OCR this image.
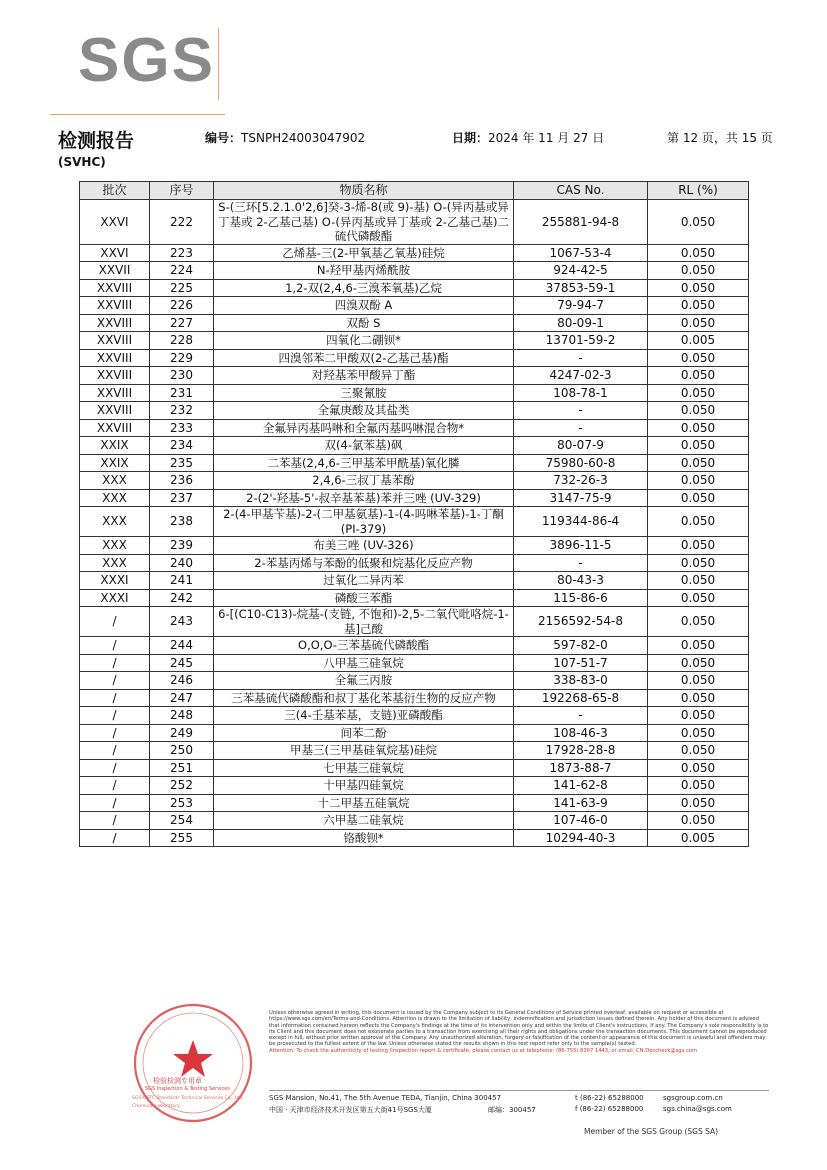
SGS
检测报告	编号：TSNPH24003047902	日期：2024 年 11 月 27 日	第 12 页，共 15 页
(SVHC)
批次	序号	物质名称	CAS No.	RL (%)
XXVI	222	S-(三环[5.2.1.0'2,6]癸-3-烯-8(或 9)-基) O-(异丙基或异丁基或 2-乙基己基) O-(异丙基或异丁基或 2-乙基己基)二硫代磷酸酯	255881-94-8	0.050
XXVI	223	乙烯基-三(2-甲氧基乙氧基)硅烷	1067-53-4	0.050
XXVII	224	N-羟甲基丙烯酰胺	924-42-5	0.050
XXVIII	225	1,2-双(2,4,6-三溴苯氧基)乙烷	37853-59-1	0.050
XXVIII	226	四溴双酚 A	79-94-7	0.050
XXVIII	227	双酚 S	80-09-1	0.050
XXVIII	228	四氧化二硼钡*	13701-59-2	0.005
XXVIII	229	四溴邻苯二甲酸双(2-乙基己基)酯	-	0.050
XXVIII	230	对羟基苯甲酸异丁酯	4247-02-3	0.050
XXVIII	231	三聚氰胺	108-78-1	0.050
XXVIII	232	全氟庚酸及其盐类	-	0.050
XXVIII	233	全氟异丙基吗啉和全氟丙基吗啉混合物*	-	0.050
XXIX	234	双(4-氯苯基)砜	80-07-9	0.050
XXIX	235	二苯基(2,4,6-三甲基苯甲酰基)氧化膦	75980-60-8	0.050
XXX	236	2,4,6-三叔丁基苯酚	732-26-3	0.050
XXX	237	2-(2'-羟基-5'-叔辛基苯基)苯并三唑 (UV-329)	3147-75-9	0.050
XXX	238	2-(4-甲基苄基)-2-(二甲基氨基)-1-(4-吗啉苯基)-1-丁酮 (PI-379)	119344-86-4	0.050
XXX	239	布美三唑 (UV-326)	3896-11-5	0.050
XXX	240	2-苯基丙烯与苯酚的低聚和烷基化反应产物	-	0.050
XXXI	241	过氧化二异丙苯	80-43-3	0.050
XXXI	242	磷酸三苯酯	115-86-6	0.050
/	243	6-[(C10-C13)-烷基-(支链, 不饱和)-2,5-二氧代吡咯烷-1-基]己酸	2156592-54-8	0.050
/	244	O,O,O-三苯基硫代磷酸酯	597-82-0	0.050
/	245	八甲基三硅氧烷	107-51-7	0.050
/	246	全氟三丙胺	338-83-0	0.050
/	247	三苯基硫代磷酸酯和叔丁基化苯基衍生物的反应产物	192268-65-8	0.050
/	248	三(4-壬基苯基，支链)亚磷酸酯	-	0.050
/	249	间苯二酚	108-46-3	0.050
/	250	甲基三(三甲基硅氧烷基)硅烷	17928-28-8	0.050
/	251	七甲基三硅氧烷	1873-88-7	0.050
/	252	十甲基四硅氧烷	141-62-8	0.050
/	253	十二甲基五硅氧烷	141-63-9	0.050
/	254	六甲基二硅氧烷	107-46-0	0.050
/	255	铬酸钡*	10294-40-3	0.005
检验检测专用章
SGS Inspection & Testing Services
SGS-CSTC Standards Technical Services Co., Ltd.
Chemical Laboratory
Unless otherwise agreed in writing, this document is issued by the Company subject to its General Conditions of Service printed overleaf, available on request or accessible at https://www.sgs.com/en/Terms-and-Conditions. Attention is drawn to the limitation of liability, indemnification and jurisdiction issues defined therein. Any holder of this document is advised that information contained hereon reflects the Company's findings at the time of its intervention only and within the limits of Client's instructions, if any. The Company's sole responsibility is to its Client and this document does not exonerate parties to a transaction from exercising all their rights and obligations under the transaction documents. This document cannot be reproduced except in full, without prior written approval of the Company. Any unauthorized alteration, forgery or falsification of the content or appearance of this document is unlawful and offenders may be prosecuted to the fullest extent of the law. Unless otherwise stated the results shown in this test report refer only to the sample(s) tested.
Attention: To check the authenticity of testing /inspection report & certificate, please contact us at telephone: (86-755) 8307 1443, or email: CN.Doccheck@sgs.com
SGS Mansion, No.41, The 5th Avenue TEDA, Tianjin, China 300457
中国 · 天津市经济技术开发区第五大街41号SGS大厦	邮编：300457
t (86-22) 65288000
f (86-22) 65288000
sgsgroup.com.cn
sgs.china@sgs.com
Member of the SGS Group (SGS SA)
